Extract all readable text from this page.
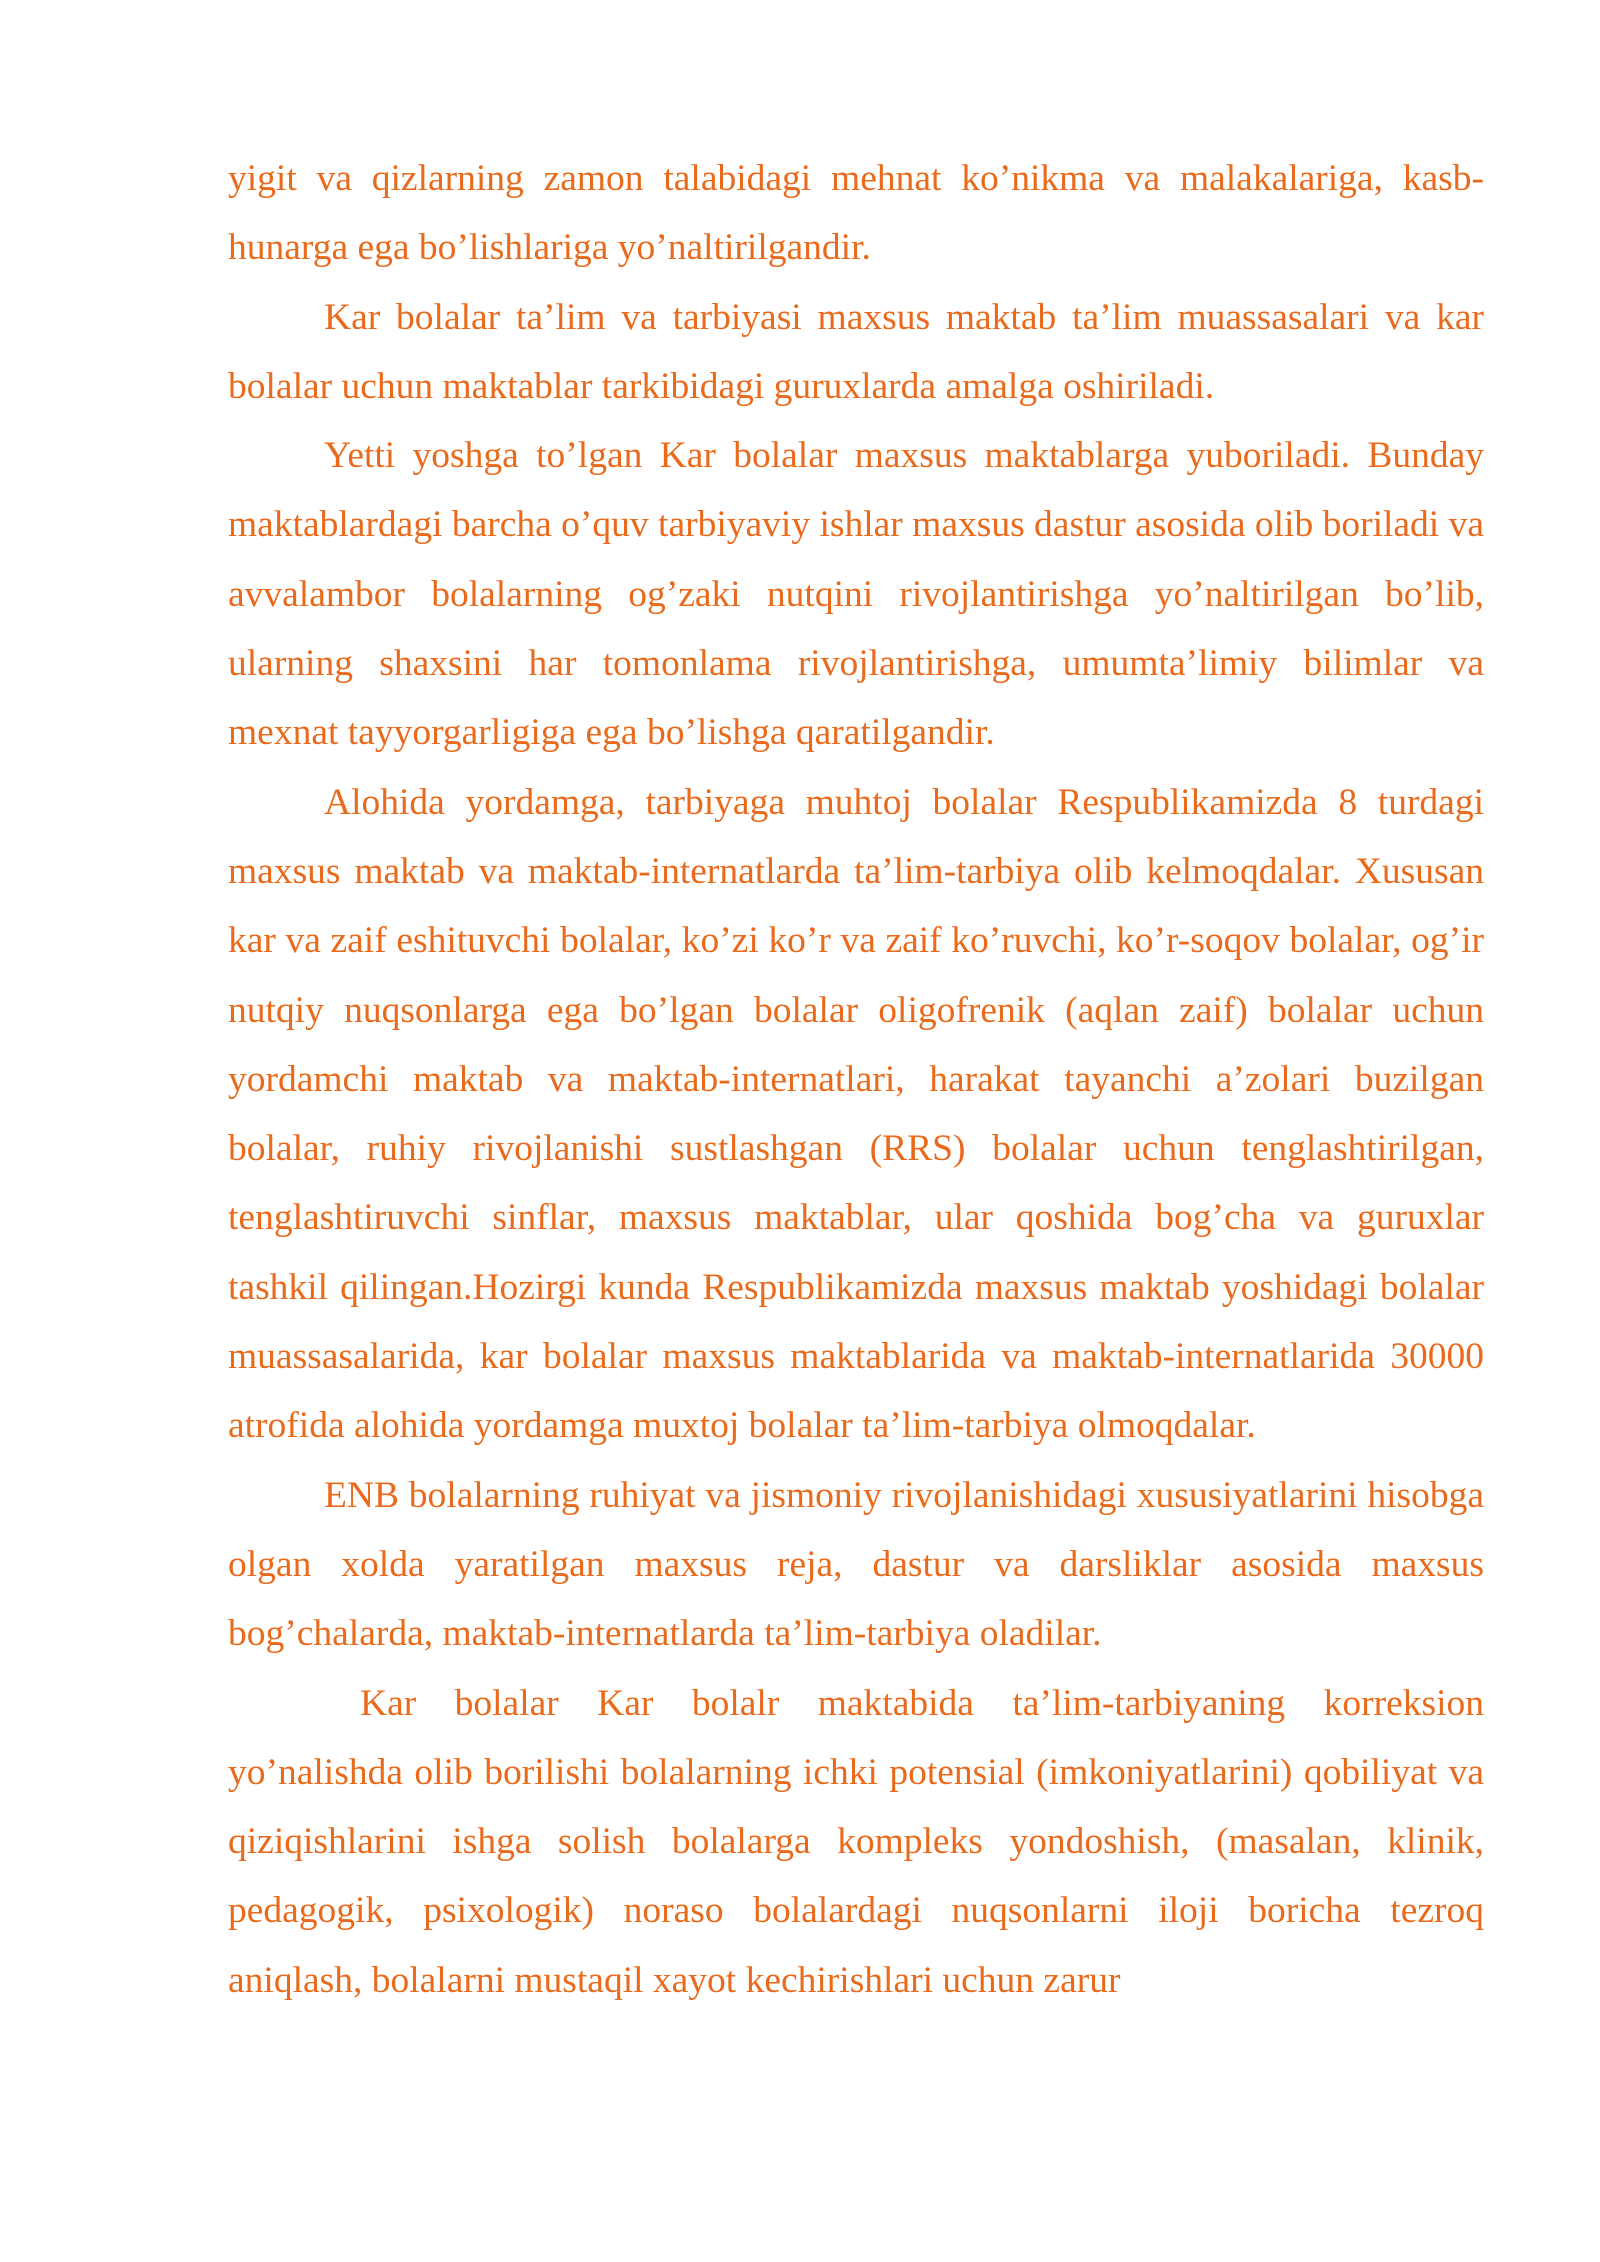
yigit va qizlarning zamon talabidagi mehnat ko’nikma va malakalariga, kasb-hunarga ega bo’lishlariga yo’naltirilgandir.

Kar bolalar ta’lim va tarbiyasi maxsus maktab ta’lim muassasalari va kar bolalar uchun maktablar tarkibidagi guruxlarda amalga oshiriladi.

Yetti yoshga to’lgan Kar bolalar maxsus maktablarga yuboriladi. Bunday maktablardagi barcha o’quv tarbiyaviy ishlar maxsus dastur asosida olib boriladi va avvalambor bolalarning og’zaki nutqini rivojlantirishga yo’naltirilgan bo’lib, ularning shaxsini har tomonlama rivojlantirishga, umumta’limiy bilimlar va mexnat tayyorgarligiga ega bo’lishga qaratilgandir.

Alohida yordamga, tarbiyaga muhtoj bolalar Respublikamizda 8 turdagi maxsus maktab va maktab-internatlarda ta’lim-tarbiya olib kelmoqdalar. Xususan kar va zaif eshituvchi bolalar, ko’zi ko’r va zaif ko’ruvchi, ko’r-soqov bolalar, og’ir nutqiy nuqsonlarga ega bo’lgan bolalar oligofrenik (aqlan zaif) bolalar uchun yordamchi maktab va maktab-internatlari, harakat tayanchi a’zolari buzilgan bolalar, ruhiy rivojlanishi sustlashgan (RRS) bolalar uchun tenglashtirilgan, tenglashtiruvchi sinflar, maxsus maktablar, ular qoshida bog’cha va guruxlar tashkil qilingan.Hozirgi kunda Respublikamizda maxsus maktab yoshidagi bolalar muassasalarida, kar bolalar maxsus maktablarida va maktab-internatlarida 30000 atrofida alohida yordamga muxtoj bolalar ta’lim-tarbiya olmoqdalar.

ENB bolalarning ruhiyat va jismoniy rivojlanishidagi xususiyatlarini hisobga olgan xolda yaratilgan maxsus reja, dastur va darsliklar asosida maxsus bog’chalarda, maktab-internatlarda ta’lim-tarbiya oladilar.

Kar bolalar Kar bolalr maktabida ta’lim-tarbiyaning korreksion yo’nalishda olib borilishi bolalarning ichki potensial (imkoniyatlarini) qobiliyat va qiziqishlarini ishga solish bolalarga kompleks yondoshish, (masalan, klinik, pedagogik, psixologik) noraso bolalardagi nuqsonlarni iloji boricha tezroq aniqlash, bolalarni mustaqil xayot kechirishlari uchun zarur
